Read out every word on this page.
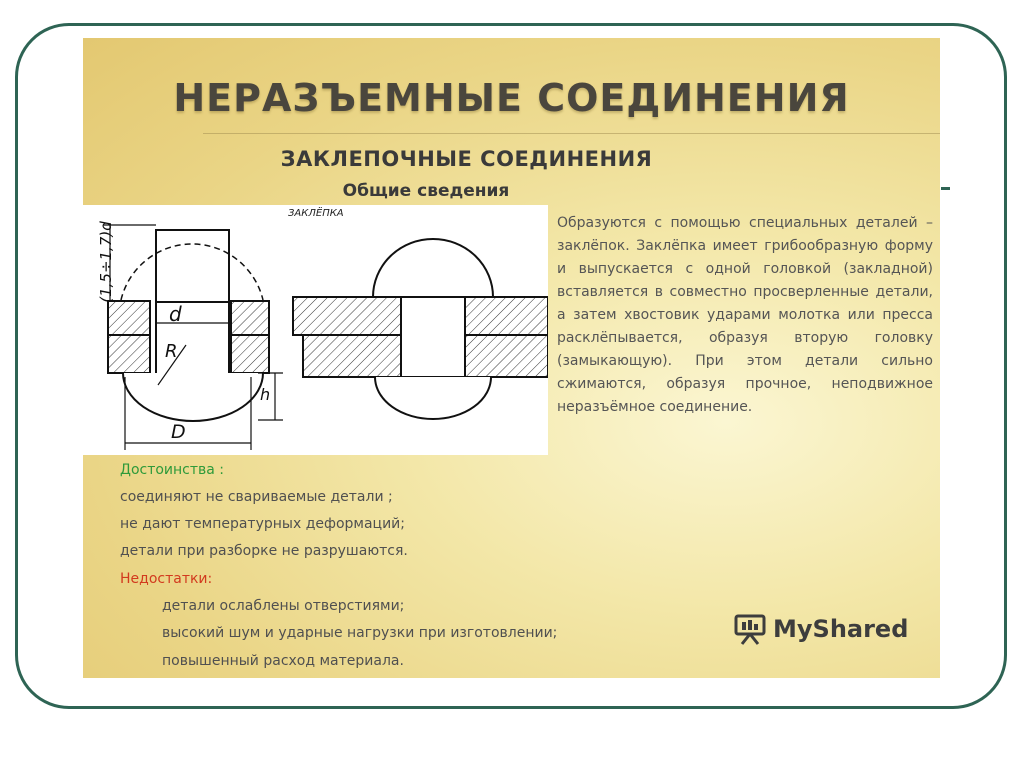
НЕРАЗЪЕМНЫЕ СОЕДИНЕНИЯ
ЗАКЛЕПОЧНЫЕ СОЕДИНЕНИЯ
Общие сведения
ЗАКЛЁПКА
(1,5÷1,7)d
d
R
h
D

Образуются с помощью специальных деталей – заклёпок. Заклёпка имеет грибообразную форму и выпускается с одной головкой (закладной) вставляется в совместно просверленные детали, а затем хвостовик ударами молотка или пресса расклёпывается, образуя вторую головку (замыкающую). При этом детали сильно сжимаются, образуя прочное, неподвижное неразъёмное соединение.

Достоинства :

соединяют не свариваемые детали ;

не дают температурных деформаций;

детали при разборке не разрушаются.

Недостатки:

детали ослаблены отверстиями;

высокий шум и ударные нагрузки при изготовлении;

повышенный расход материала.

MyShared
